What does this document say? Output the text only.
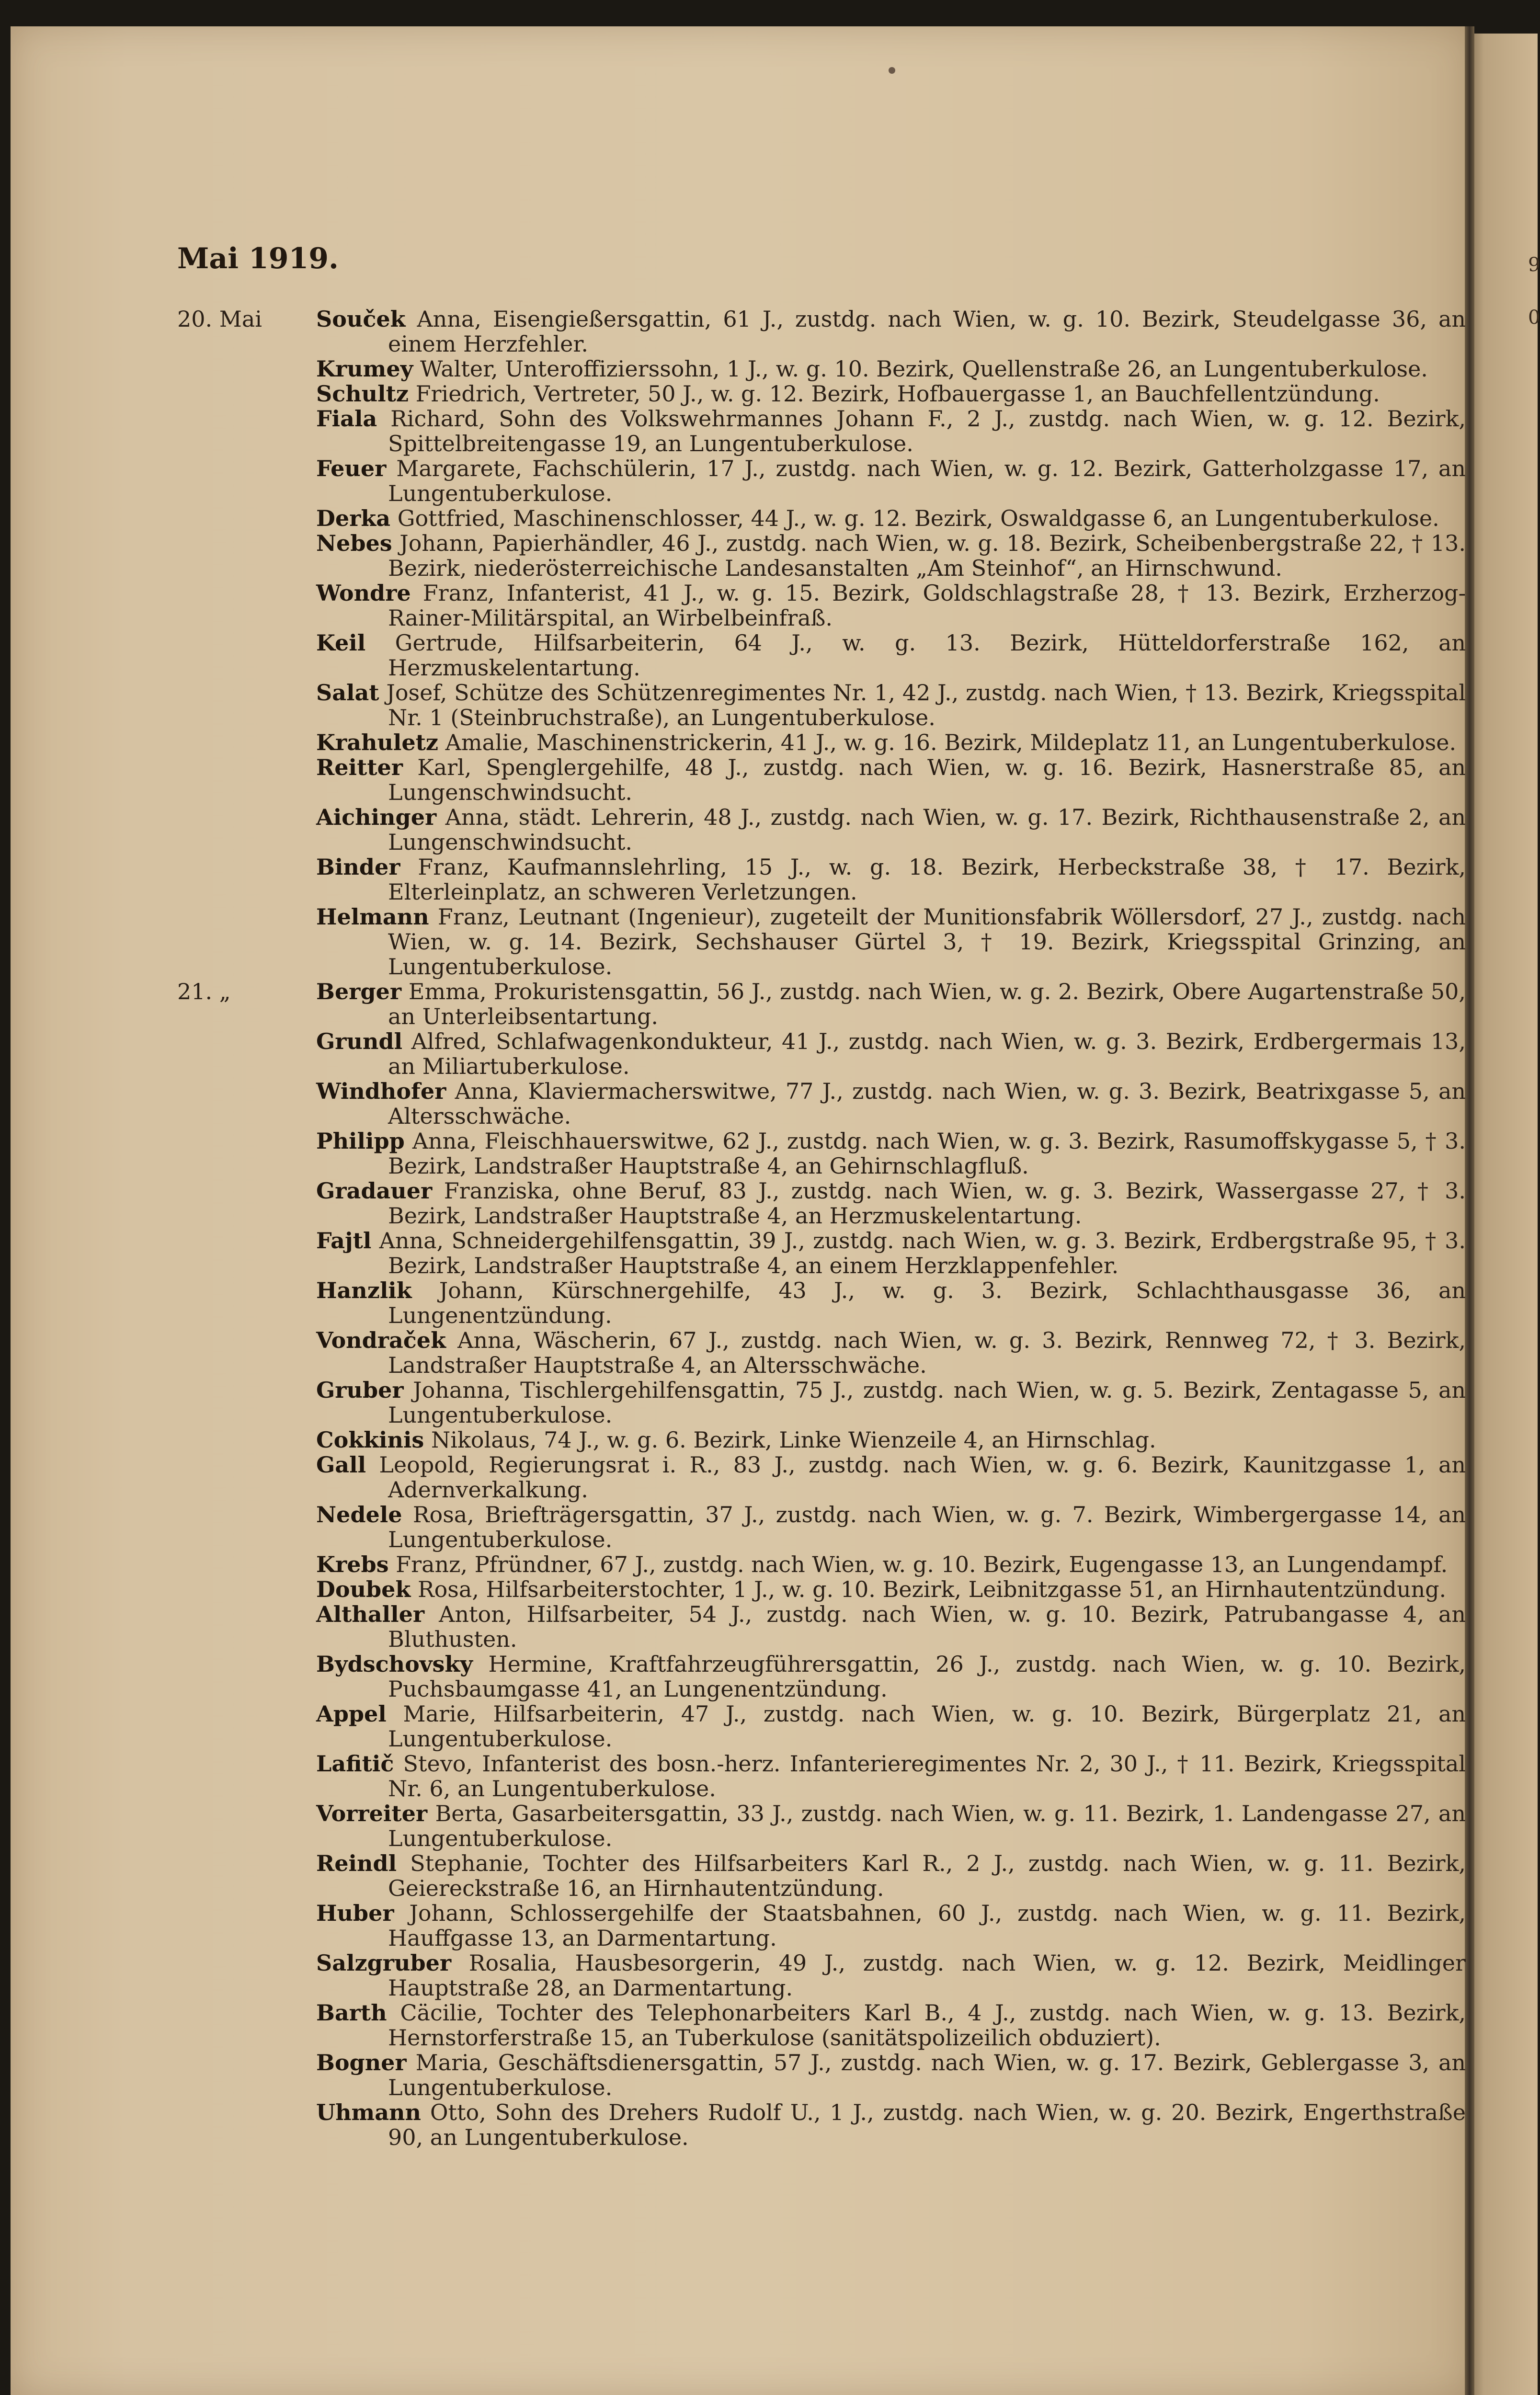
9
0
Mai 1919.
20. Mai	Souček Anna, Eisengießersgattin, 61 J., zustdg. nach Wien, w. g. 10. Bezirk, Steudelgasse 36, an einem Herzfehler.
Krumey Walter, Unteroffizierssohn, 1 J., w. g. 10. Bezirk, Quellenstraße 26, an Lungentuberkulose.
Schultz Friedrich, Vertreter, 50 J., w. g. 12. Bezirk, Hofbauergasse 1, an Bauchfellentzündung.
Fiala Richard, Sohn des Volkswehrmannes Johann F., 2 J., zustdg. nach Wien, w. g. 12. Bezirk, Spittelbreitengasse 19, an Lungentuberkulose.
Feuer Margarete, Fachschülerin, 17 J., zustdg. nach Wien, w. g. 12. Bezirk, Gatterholzgasse 17, an Lungentuberkulose.
Derka Gottfried, Maschinenschlosser, 44 J., w. g. 12. Bezirk, Oswaldgasse 6, an Lungentuberkulose.
Nebes Johann, Papierhändler, 46 J., zustdg. nach Wien, w. g. 18. Bezirk, Scheibenbergstraße 22, † 13. Bezirk, niederösterreichische Landesanstalten „Am Steinhof“, an Hirnschwund.
Wondre Franz, Infanterist, 41 J., w. g. 15. Bezirk, Goldschlagstraße 28, † 13. Bezirk, Erzherzog-Rainer-Militärspital, an Wirbelbeinfraß.
Keil Gertrude, Hilfsarbeiterin, 64 J., w. g. 13. Bezirk, Hütteldorferstraße 162, an Herzmuskelentartung.
Salat Josef, Schütze des Schützenregimentes Nr. 1, 42 J., zustdg. nach Wien, † 13. Bezirk, Kriegsspital Nr. 1 (Steinbruchstraße), an Lungentuberkulose.
Krahuletz Amalie, Maschinenstrickerin, 41 J., w. g. 16. Bezirk, Mildeplatz 11, an Lungentuberkulose.
Reitter Karl, Spenglergehilfe, 48 J., zustdg. nach Wien, w. g. 16. Bezirk, Hasnerstraße 85, an Lungenschwindsucht.
Aichinger Anna, städt. Lehrerin, 48 J., zustdg. nach Wien, w. g. 17. Bezirk, Richthausenstraße 2, an Lungenschwindsucht.
Binder Franz, Kaufmannslehrling, 15 J., w. g. 18. Bezirk, Herbeckstraße 38, † 17. Bezirk, Elterleinplatz, an schweren Verletzungen.
Helmann Franz, Leutnant (Ingenieur), zugeteilt der Munitionsfabrik Wöllersdorf, 27 J., zustdg. nach Wien, w. g. 14. Bezirk, Sechshauser Gürtel 3, † 19. Bezirk, Kriegsspital Grinzing, an Lungentuberkulose.
21. „	Berger Emma, Prokuristensgattin, 56 J., zustdg. nach Wien, w. g. 2. Bezirk, Obere Augartenstraße 50, an Unterleibsentartung.
Grundl Alfred, Schlafwagenkondukteur, 41 J., zustdg. nach Wien, w. g. 3. Bezirk, Erdbergermais 13, an Miliartuberkulose.
Windhofer Anna, Klaviermacherswitwe, 77 J., zustdg. nach Wien, w. g. 3. Bezirk, Beatrixgasse 5, an Altersschwäche.
Philipp Anna, Fleischhauerswitwe, 62 J., zustdg. nach Wien, w. g. 3. Bezirk, Rasumoffskygasse 5, † 3. Bezirk, Landstraßer Hauptstraße 4, an Gehirnschlagfluß.
Gradauer Franziska, ohne Beruf, 83 J., zustdg. nach Wien, w. g. 3. Bezirk, Wassergasse 27, † 3. Bezirk, Landstraßer Hauptstraße 4, an Herzmuskelentartung.
Fajtl Anna, Schneidergehilfensgattin, 39 J., zustdg. nach Wien, w. g. 3. Bezirk, Erdbergstraße 95, † 3. Bezirk, Landstraßer Hauptstraße 4, an einem Herzklappenfehler.
Hanzlik Johann, Kürschnergehilfe, 43 J., w. g. 3. Bezirk, Schlachthausgasse 36, an Lungenentzündung.
Vondraček Anna, Wäscherin, 67 J., zustdg. nach Wien, w. g. 3. Bezirk, Rennweg 72, † 3. Bezirk, Landstraßer Hauptstraße 4, an Altersschwäche.
Gruber Johanna, Tischlergehilfensgattin, 75 J., zustdg. nach Wien, w. g. 5. Bezirk, Zentagasse 5, an Lungentuberkulose.
Cokkinis Nikolaus, 74 J., w. g. 6. Bezirk, Linke Wienzeile 4, an Hirnschlag.
Gall Leopold, Regierungsrat i. R., 83 J., zustdg. nach Wien, w. g. 6. Bezirk, Kaunitzgasse 1, an Adernverkalkung.
Nedele Rosa, Briefträgersgattin, 37 J., zustdg. nach Wien, w. g. 7. Bezirk, Wimbergergasse 14, an Lungentuberkulose.
Krebs Franz, Pfründner, 67 J., zustdg. nach Wien, w. g. 10. Bezirk, Eugengasse 13, an Lungendampf.
Doubek Rosa, Hilfsarbeiterstochter, 1 J., w. g. 10. Bezirk, Leibnitzgasse 51, an Hirnhautentzündung.
Althaller Anton, Hilfsarbeiter, 54 J., zustdg. nach Wien, w. g. 10. Bezirk, Patrubangasse 4, an Bluthusten.
Bydschovsky Hermine, Kraftfahrzeugführersgattin, 26 J., zustdg. nach Wien, w. g. 10. Bezirk, Puchsbaumgasse 41, an Lungenentzündung.
Appel Marie, Hilfsarbeiterin, 47 J., zustdg. nach Wien, w. g. 10. Bezirk, Bürgerplatz 21, an Lungentuberkulose.
Lafitič Stevo, Infanterist des bosn.-herz. Infanterieregimentes Nr. 2, 30 J., † 11. Bezirk, Kriegsspital Nr. 6, an Lungentuberkulose.
Vorreiter Berta, Gasarbeitersgattin, 33 J., zustdg. nach Wien, w. g. 11. Bezirk, 1. Landengasse 27, an Lungentuberkulose.
Reindl Stephanie, Tochter des Hilfsarbeiters Karl R., 2 J., zustdg. nach Wien, w. g. 11. Bezirk, Geiereckstraße 16, an Hirnhautentzündung.
Huber Johann, Schlossergehilfe der Staatsbahnen, 60 J., zustdg. nach Wien, w. g. 11. Bezirk, Hauffgasse 13, an Darmentartung.
Salzgruber Rosalia, Hausbesorgerin, 49 J., zustdg. nach Wien, w. g. 12. Bezirk, Meidlinger Hauptstraße 28, an Darmentartung.
Barth Cäcilie, Tochter des Telephonarbeiters Karl B., 4 J., zustdg. nach Wien, w. g. 13. Bezirk, Hernstorferstraße 15, an Tuberkulose (sanitätspolizeilich obduziert).
Bogner Maria, Geschäftsdienersgattin, 57 J., zustdg. nach Wien, w. g. 17. Bezirk, Geblergasse 3, an Lungentuberkulose.
Uhmann Otto, Sohn des Drehers Rudolf U., 1 J., zustdg. nach Wien, w. g. 20. Bezirk, Engerthstraße 90, an Lungentuberkulose.
